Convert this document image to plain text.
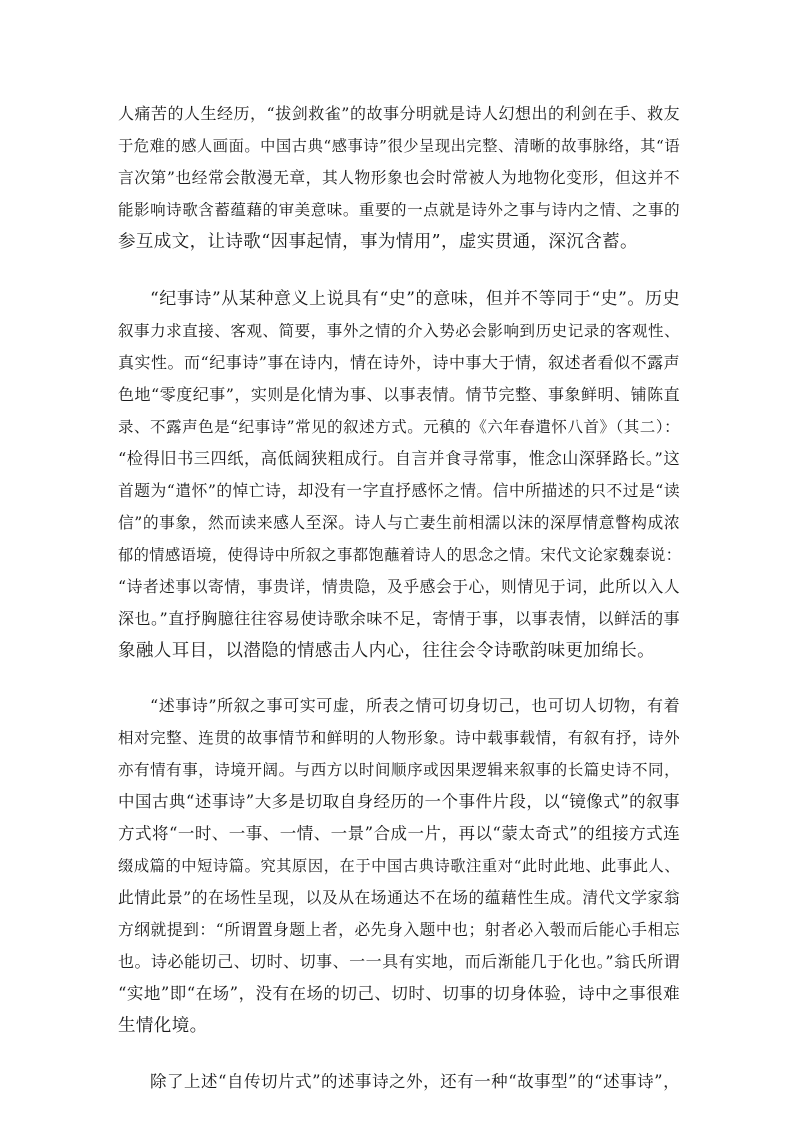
人痛苦的人生经历，“拔剑救雀”的故事分明就是诗人幻想出的利剑在手、救友
于危难的感人画面。中国古典“感事诗”很少呈现出完整、清晰的故事脉络，其“语
言次第”也经常会散漫无章，其人物形象也会时常被人为地物化变形，但这并不
能影响诗歌含蓄蕴藉的审美意味。重要的一点就是诗外之事与诗内之情、之事的
参互成文，让诗歌“因事起情，事为情用”，虚实贯通，深沉含蓄。
“纪事诗”从某种意义上说具有“史”的意味，但并不等同于“史”。历史
叙事力求直接、客观、简要，事外之情的介入势必会影响到历史记录的客观性、
真实性。而“纪事诗”事在诗内，情在诗外，诗中事大于情，叙述者看似不露声
色地“零度纪事”，实则是化情为事、以事表情。情节完整、事象鲜明、铺陈直
录、不露声色是“纪事诗”常见的叙述方式。元稹的《六年春遣怀八首》（其二）：
“检得旧书三四纸，高低阔狭粗成行。自言并食寻常事，惟念山深驿路长。”这
首题为“遣怀”的悼亡诗，却没有一字直抒感怀之情。信中所描述的只不过是“读
信”的事象，然而读来感人至深。诗人与亡妻生前相濡以沫的深厚情意瞥构成浓
郁的情感语境，使得诗中所叙之事都饱蘸着诗人的思念之情。宋代文论家魏泰说：
“诗者述事以寄情，事贵详，情贵隐，及乎感会于心，则情见于词，此所以入人
深也。”直抒胸臆往往容易使诗歌余味不足，寄情于事，以事表情，以鲜活的事
象融人耳目，以潜隐的情感击人内心，往往会令诗歌韵味更加绵长。
“述事诗”所叙之事可实可虚，所表之情可切身切己，也可切人切物，有着
相对完整、连贯的故事情节和鲜明的人物形象。诗中载事载情，有叙有抒，诗外
亦有情有事，诗境开阔。与西方以时间顺序或因果逻辑来叙事的长篇史诗不同，
中国古典“述事诗”大多是切取自身经历的一个事件片段，以“镜像式”的叙事
方式将“一时、一事、一情、一景”合成一片，再以“蒙太奇式”的组接方式连
缀成篇的中短诗篇。究其原因，在于中国古典诗歌注重对“此时此地、此事此人、
此情此景”的在场性呈现，以及从在场通达不在场的蕴藉性生成。清代文学家翁
方纲就提到：“所谓置身题上者，必先身入题中也；射者必入彀而后能心手相忘
也。诗必能切己、切时、切事、一一具有实地，而后渐能几于化也。”翁氏所谓
“实地”即“在场”，没有在场的切己、切时、切事的切身体验，诗中之事很难
生情化境。
除了上述“自传切片式”的述事诗之外，还有一种“故事型”的“述事诗”，
